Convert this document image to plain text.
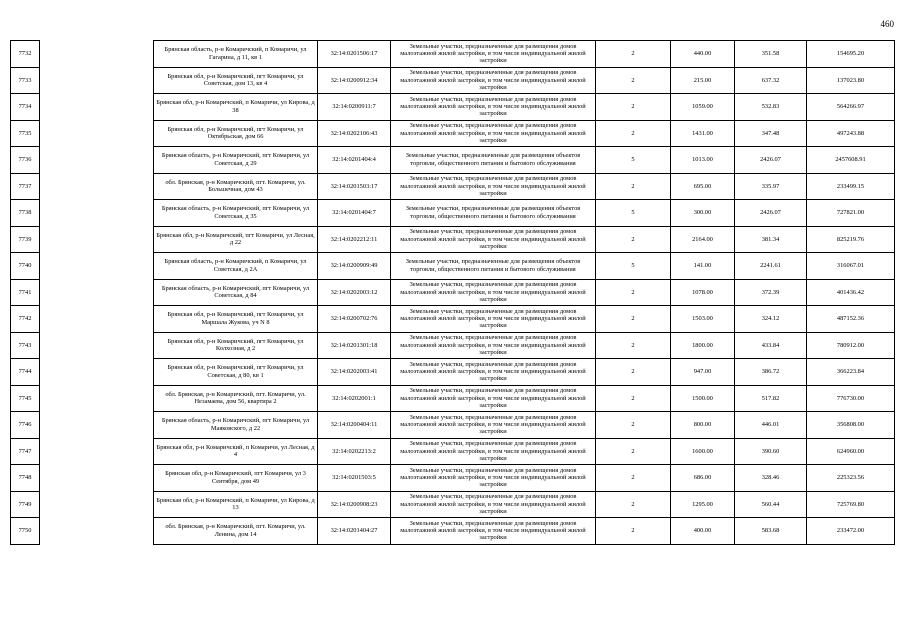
460
7732		Брянская область, р-н Комаричский, п Комаричи, ул Гагарина, д 11, кв 1	32:14:0201506:17	Земельные участки, предназначенные для размещения домов малоэтажной жилой застройки, в том числе индивидуальной жилой застройки	2	440.00	351.58	154695.20
7733		Брянская обл, р-н Комаричский, пгт Комаричи, ул Советская, дом 13, кв 4	32:14:0200912:34	Земельные участки, предназначенные для размещения домов малоэтажной жилой застройки, в том числе индивидуальной жилой застройки	2	215.00	637.32	137023.80
7734		Брянская обл, р-н Комаричский, п Комаричи, ул Кирова, д 38	32:14:0200911:7	Земельные участки, предназначенные для размещения домов малоэтажной жилой застройки, в том числе индивидуальной жилой застройки	2	1059.00	532.83	564266.97
7735		Брянская обл, р-н Комаричский, пгт Комаричи, ул Октябрьская, дом 66	32:14:0202106:43	Земельные участки, предназначенные для размещения домов малоэтажной жилой застройки, в том числе индивидуальной жилой застройки	2	1431.00	347.48	497243.88
7736		Брянская область, р-н Комаричский, пгт Комаричи, ул Советская, д 29	32:14:0201404:4	Земельные участки, предназначенные для размещения объектов торговли, общественного питания и бытового обслуживания	5	1013.00	2426.07	2457608.91
7737		обл. Брянская, р-н Комаричский, пгт. Комаричи, ул. Большечная, дом 43	32:14:0201503:17	Земельные участки, предназначенные для размещения домов малоэтажной жилой застройки, в том числе индивидуальной жилой застройки	2	695.00	335.97	233499.15
7738		Брянская область, р-н Комаричский, пгт Комаричи, ул Советская, д 35	32:14:0201404:7	Земельные участки, предназначенные для размещения объектов торговли, общественного питания и бытового обслуживания	5	300.00	2426.07	727821.00
7739		Брянская обл, р-н Комаричский, пгт Комаричи, ул Лесная, д 22	32:14:0202212:11	Земельные участки, предназначенные для размещения домов малоэтажной жилой застройки, в том числе индивидуальной жилой застройки	2	2164.00	381.34	825219.76
7740		Брянская область, р-н Комаричский, п Комаричи, ул Советская, д 2А	32:14:0200909:49	Земельные участки, предназначенные для размещения объектов торговли, общественного питания и бытового обслуживания	5	141.00	2241.61	316067.01
7741		Брянская область, р-н Комаричский, пгт Комаричи, ул Советская, д 84	32:14:0202003:12	Земельные участки, предназначенные для размещения домов малоэтажной жилой застройки, в том числе индивидуальной жилой застройки	2	1078.00	372.39	401436.42
7742		Брянская обл, р-н Комаричский, пгт Комаричи, ул Маршала Жукова, уч N 8	32:14:0200702:76	Земельные участки, предназначенные для размещения домов малоэтажной жилой застройки, в том числе индивидуальной жилой застройки	2	1503.00	324.12	487152.36
7743		Брянская обл, р-н Комаричский, пгт Комаричи, ул Колхозная, д 2	32:14:0201301:18	Земельные участки, предназначенные для размещения домов малоэтажной жилой застройки, в том числе индивидуальной жилой застройки	2	1800.00	433.84	780912.00
7744		Брянская обл, р-н Комаричский, пгт Комаричи, ул Советская, д 80, кв 1	32:14:0202003:41	Земельные участки, предназначенные для размещения домов малоэтажной жилой застройки, в том числе индивидуальной жилой застройки	2	947.00	386.72	366223.84
7745		обл. Брянская, р-н Комаричский, пгт. Комаричи, ул. Незамаева, дом 56, квартира 2	32:14:0202001:1	Земельные участки, предназначенные для размещения домов малоэтажной жилой застройки, в том числе индивидуальной жилой застройки	2	1500.00	517.82	776730.00
7746		Брянская область, р-н Комаричский, пгт Комаричи, ул Маяковского, д 22	32:14:0200404:11	Земельные участки, предназначенные для размещения домов малоэтажной жилой застройки, в том числе индивидуальной жилой застройки	2	800.00	446.01	356808.00
7747		Брянская обл, р-н Комаричский, п Комаричи, ул Лесная, д 4	32:14:0202213:2	Земельные участки, предназначенные для размещения домов малоэтажной жилой застройки, в том числе индивидуальной жилой застройки	2	1600.00	390.60	624960.00
7748		Брянская обл, р-н Комаричский, пгт Комаричи, ул 3 Сентября, дом 49	32:14:0201503:5	Земельные участки, предназначенные для размещения домов малоэтажной жилой застройки, в том числе индивидуальной жилой застройки	2	686.00	328.46	225323.56
7749		Брянская обл, р-н Комаричский, п Комаричи, ул Кирова, д 13	32:14:0200908:23	Земельные участки, предназначенные для размещения домов малоэтажной жилой застройки, в том числе индивидуальной жилой застройки	2	1295.00	560.44	725769.80
7750		обл. Брянская, р-н Комаричский, пгт. Комаричи, ул. Ленина, дом 14	32:14:0201404:27	Земельные участки, предназначенные для размещения домов малоэтажной жилой застройки, в том числе индивидуальной жилой застройки	2	400.00	583.68	233472.00
